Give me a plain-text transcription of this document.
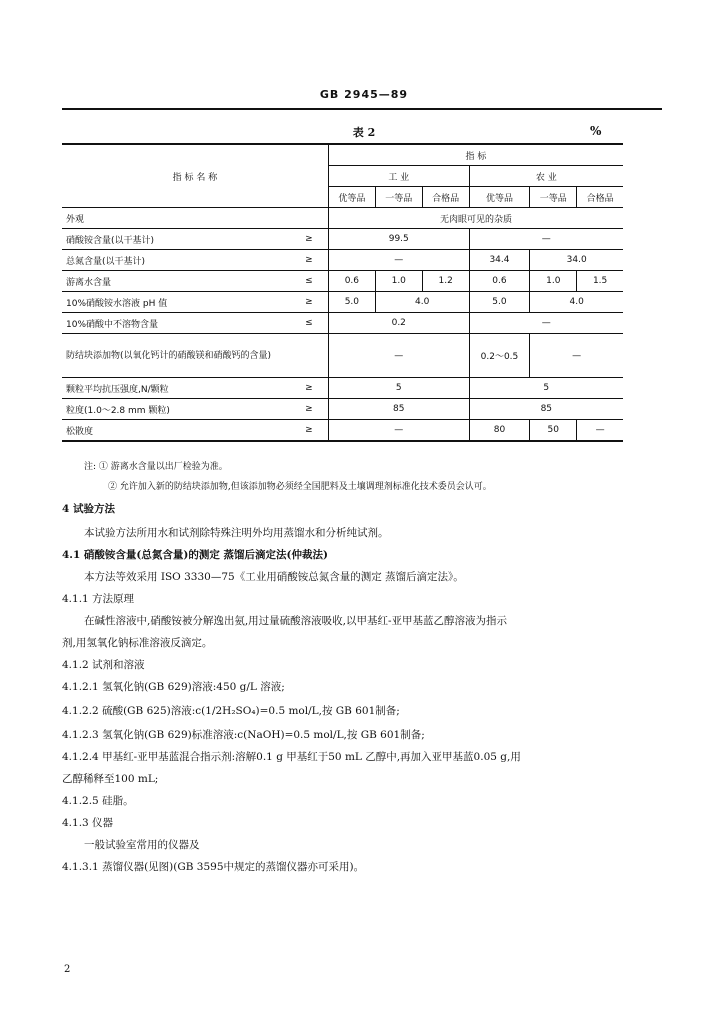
GB 2945—89
表 2	%
指 标 名 称		指 标					
		工 业			农 业		
		优等品	一等品	合格品	优等品	一等品	合格品
外观		无肉眼可见的杂质					
硝酸铵含量(以干基计)	≥	99.5			—		
总氮含量(以干基计)	≥	—			34.4	34.0	
游离水含量	≤	0.6	1.0	1.2	0.6	1.0	1.5
10%硝酸铵水溶液 pH 值	≥	5.0	4.0		5.0	4.0	
10%硝酸中不溶物含量	≤	0.2			—		
防结块添加物(以氧化钙计的硝酸镁和硝酸钙的含量)		—			0.2～0.5	—	
颗粒平均抗压强度,N/颗粒	≥	5			5		
粒度(1.0～2.8 mm 颗粒)	≥	85			85		
松散度	≥	—			80	50	—
注: ① 游离水含量以出厂检验为准。
② 允许加入新的防结块添加物,但该添加物必须经全国肥料及土壤调理剂标准化技术委员会认可。
4 试验方法
本试验方法所用水和试剂除特殊注明外均用蒸馏水和分析纯试剂。
4.1 硝酸铵含量(总氮含量)的测定 蒸馏后滴定法(仲裁法)
本方法等效采用 ISO 3330—75《工业用硝酸铵总氮含量的测定 蒸馏后滴定法》。
4.1.1 方法原理
在碱性溶液中,硝酸铵被分解逸出氨,用过量硫酸溶液吸收,以甲基红-亚甲基蓝乙醇溶液为指示
剂,用氢氧化钠标准溶液反滴定。
4.1.2 试剂和溶液
4.1.2.1 氢氧化钠(GB 629)溶液:450 g/L 溶液;
4.1.2.2 硫酸(GB 625)溶液:c(1/2H₂SO₄)=0.5 mol/L,按 GB 601制备;
4.1.2.3 氢氧化钠(GB 629)标准溶液:c(NaOH)=0.5 mol/L,按 GB 601制备;
4.1.2.4 甲基红-亚甲基蓝混合指示剂:溶解0.1 g 甲基红于50 mL 乙醇中,再加入亚甲基蓝0.05 g,用
乙醇稀释至100 mL;
4.1.2.5 硅脂。
4.1.3 仪器
一般试验室常用的仪器及
4.1.3.1 蒸馏仪器(见图)(GB 3595中规定的蒸馏仪器亦可采用)。
2
